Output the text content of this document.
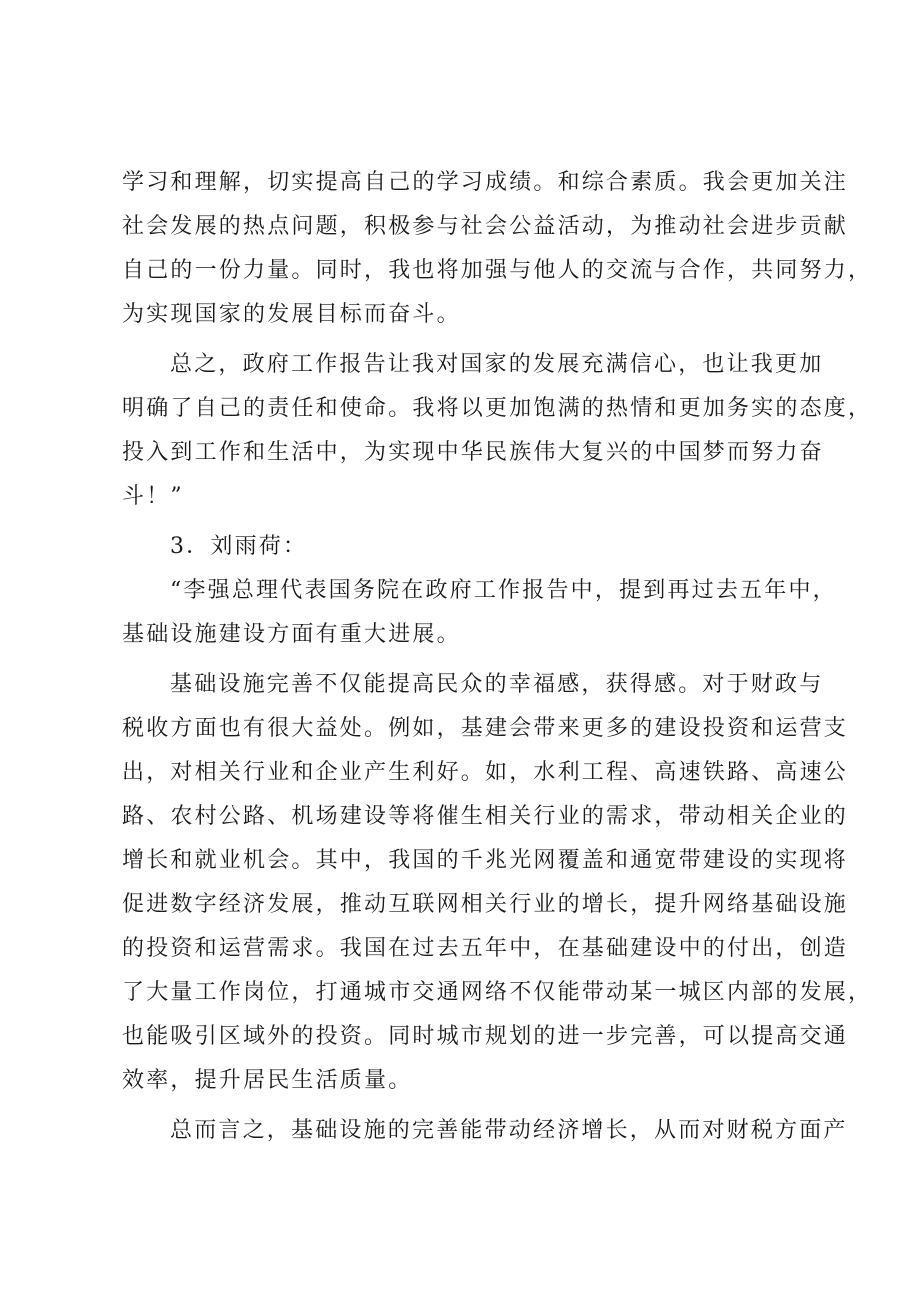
学习和理解，切实提高自己的学习成绩。和综合素质。我会更加关注
社会发展的热点问题，积极参与社会公益活动，为推动社会进步贡献
自己的一份力量。同时，我也将加强与他人的交流与合作，共同努力，
为实现国家的发展目标而奋斗。
总之，政府工作报告让我对国家的发展充满信心，也让我更加
明确了自己的责任和使命。我将以更加饱满的热情和更加务实的态度，
投入到工作和生活中，为实现中华民族伟大复兴的中国梦而努力奋
斗！”
3．刘雨荷：
“李强总理代表国务院在政府工作报告中，提到再过去五年中，
基础设施建设方面有重大进展。
基础设施完善不仅能提高民众的幸福感，获得感。对于财政与
税收方面也有很大益处。例如，基建会带来更多的建设投资和运营支
出，对相关行业和企业产生利好。如，水利工程、高速铁路、高速公
路、农村公路、机场建设等将催生相关行业的需求，带动相关企业的
增长和就业机会。其中，我国的千兆光网覆盖和通宽带建设的实现将
促进数字经济发展，推动互联网相关行业的增长，提升网络基础设施
的投资和运营需求。我国在过去五年中，在基础建设中的付出，创造
了大量工作岗位，打通城市交通网络不仅能带动某一城区内部的发展，
也能吸引区域外的投资。同时城市规划的进一步完善，可以提高交通
效率，提升居民生活质量。
总而言之，基础设施的完善能带动经济增长，从而对财税方面产
